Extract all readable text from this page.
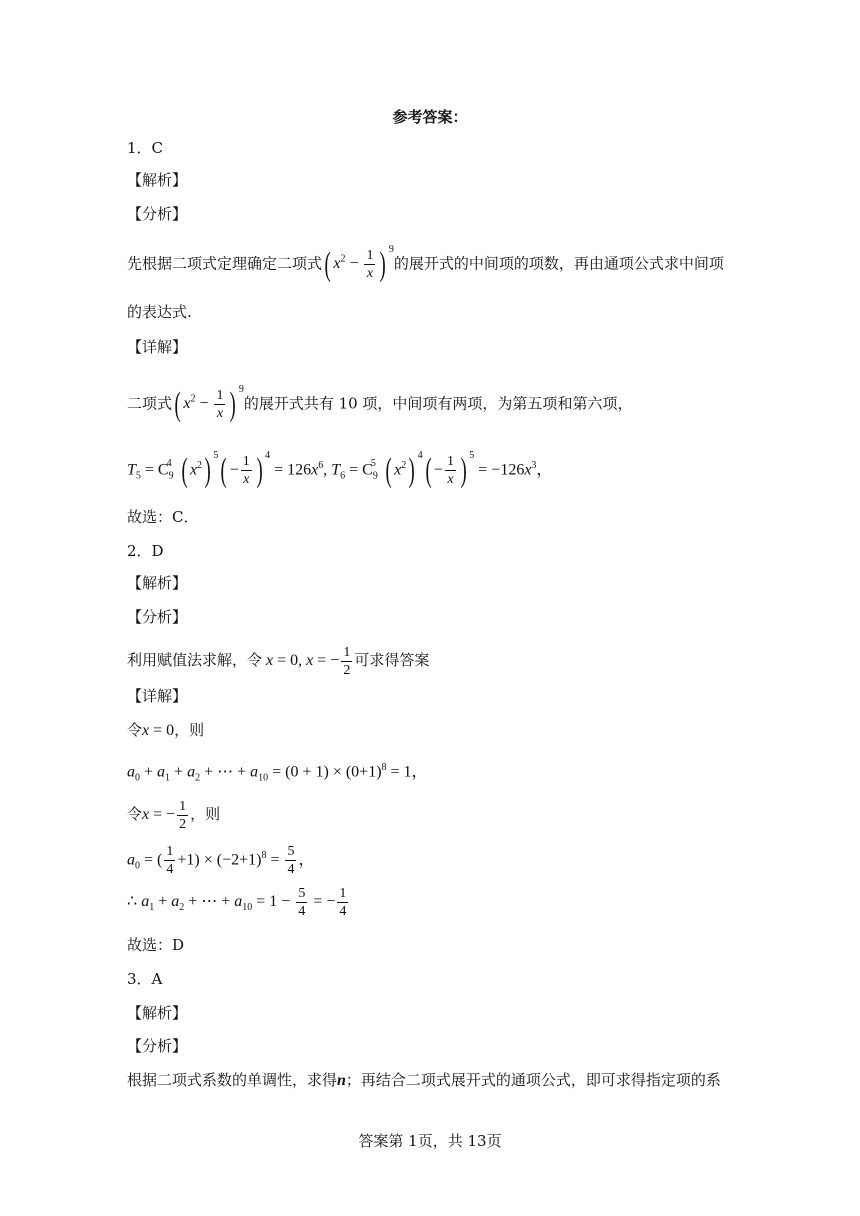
参考答案：
1．C
【解析】
【分析】
先根据二项式定理确定二项式( $x^2 - \frac{1}{x}$ ) $^9$的展开式的中间项的项数，再由通项公式求中间项
的表达式.
【详解】
二项式( $x^2 - \frac{1}{x}$ ) $^9$的展开式共有 10 项，中间项有两项，为第五项和第六项，
$T_5 = C_9^4$ ( $x^2$) $^5( - \frac{1}{x}$ ) $^4 = 126x^6$, $T_6 = C_9^5$ ( $x^2$) $^4( - \frac{1}{x}$ ) $^5 = -126x^3$，
故选：C．
2．D
【解析】
【分析】
利用赋值法求解，令 x = 0, x = − $\frac{1}{2}$ 可求得答案
【详解】
令x = 0，则
$a_0 + a_1 + a_2$ + ⋯ + $a_{10} = (0 + 1) \times (0+1)^8 = 1$，
令x = − $\frac{1}{2}$ ，则
$a_0$ = ( $\frac{1}{4} +1) \times (-2+1)^8 = \frac{5}{4}$ ，
∴ $a_1 + a_2$ + ⋯ + $a_{10} = 1 - \frac{5}{4}$ = − $\frac{1}{4}$
故选：D
3．A
【解析】
【分析】
根据二项式系数的单调性，求得n；再结合二项式展开式的通项公式，即可求得指定项的系
答案第 1页，共 13页
